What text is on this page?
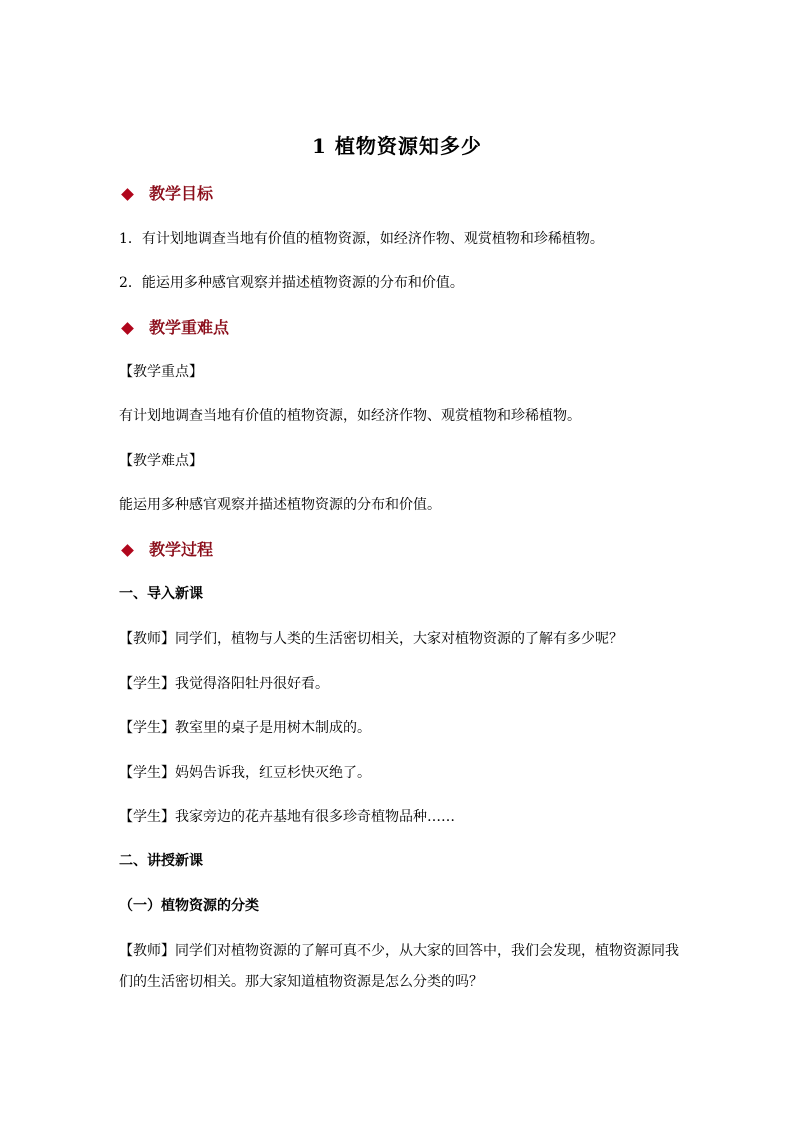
1 植物资源知多少
教学目标
1．有计划地调查当地有价值的植物资源，如经济作物、观赏植物和珍稀植物。
2．能运用多种感官观察并描述植物资源的分布和价值。
教学重难点
【教学重点】
有计划地调查当地有价值的植物资源，如经济作物、观赏植物和珍稀植物。
【教学难点】
能运用多种感官观察并描述植物资源的分布和价值。
教学过程
一、导入新课
【教师】同学们，植物与人类的生活密切相关，大家对植物资源的了解有多少呢？
【学生】我觉得洛阳牡丹很好看。
【学生】教室里的桌子是用树木制成的。
【学生】妈妈告诉我，红豆杉快灭绝了。
【学生】我家旁边的花卉基地有很多珍奇植物品种……
二、讲授新课
（一）植物资源的分类
【教师】同学们对植物资源的了解可真不少，从大家的回答中，我们会发现，植物资源同我
们的生活密切相关。那大家知道植物资源是怎么分类的吗？
